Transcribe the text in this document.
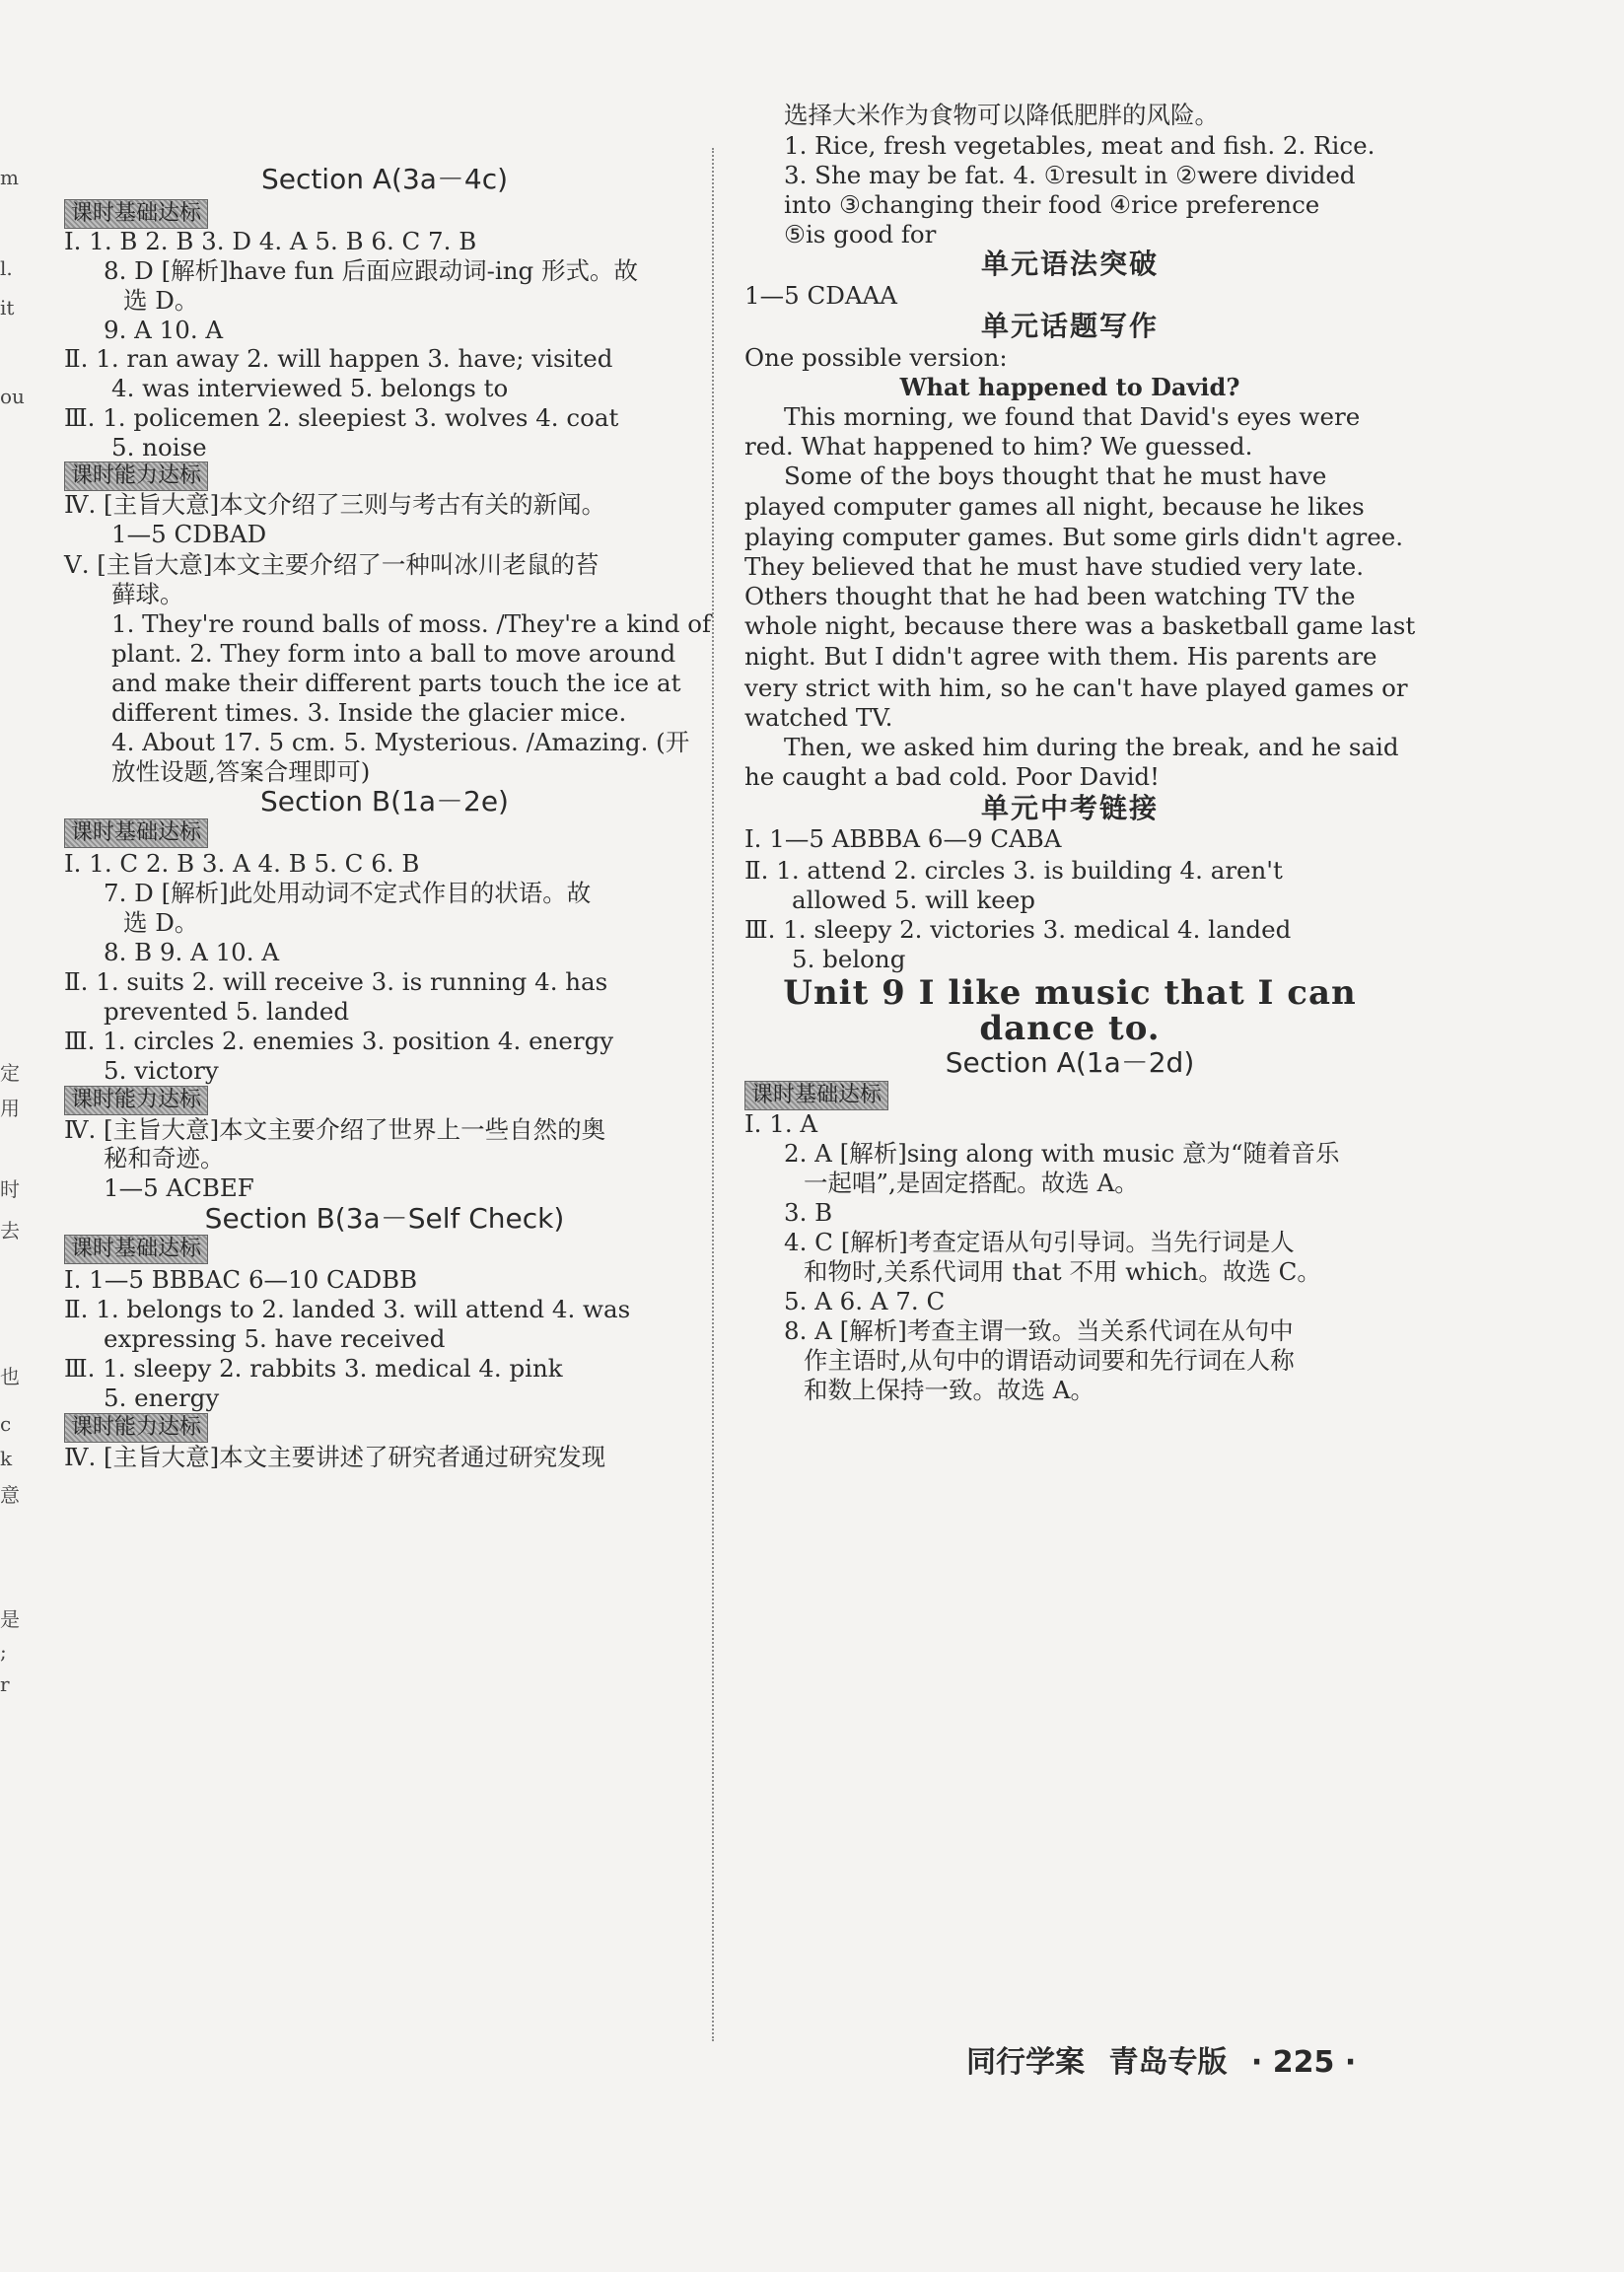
Section A(3a－4c)
课时基础达标
Ⅰ. 1. B 2. B 3. D 4. A 5. B 6. C 7. B
8. D [解析]have fun 后面应跟动词-ing 形式。故
选 D。
9. A 10. A
Ⅱ. 1. ran away 2. will happen 3. have; visited
4. was interviewed 5. belongs to
Ⅲ. 1. policemen 2. sleepiest 3. wolves 4. coat
5. noise
课时能力达标
Ⅳ. [主旨大意]本文介绍了三则与考古有关的新闻。
1—5 CDBAD
Ⅴ. [主旨大意]本文主要介绍了一种叫冰川老鼠的苔
藓球。
1. They're round balls of moss. /They're a kind of
plant. 2. They form into a ball to move around
and make their different parts touch the ice at
different times. 3. Inside the glacier mice.
4. About 17. 5 cm. 5. Mysterious. /Amazing. (开
放性设题,答案合理即可)
Section B(1a－2e)
课时基础达标
Ⅰ. 1. C 2. B 3. A 4. B 5. C 6. B
7. D [解析]此处用动词不定式作目的状语。故
选 D。
8. B 9. A 10. A
Ⅱ. 1. suits 2. will receive 3. is running 4. has
prevented 5. landed
Ⅲ. 1. circles 2. enemies 3. position 4. energy
5. victory
课时能力达标
Ⅳ. [主旨大意]本文主要介绍了世界上一些自然的奥
秘和奇迹。
1—5 ACBEF
Section B(3a－Self Check)
课时基础达标
Ⅰ. 1—5 BBBAC 6—10 CADBB
Ⅱ. 1. belongs to 2. landed 3. will attend 4. was
expressing 5. have received
Ⅲ. 1. sleepy 2. rabbits 3. medical 4. pink
5. energy
课时能力达标
Ⅳ. [主旨大意]本文主要讲述了研究者通过研究发现
选择大米作为食物可以降低肥胖的风险。
1. Rice, fresh vegetables, meat and fish. 2. Rice.
3. She may be fat. 4. ①result in ②were divided
into ③changing their food ④rice preference
⑤is good for
单元语法突破
1—5 CDAAA
单元话题写作
One possible version:
What happened to David?
This morning, we found that David's eyes were
red. What happened to him? We guessed.
Some of the boys thought that he must have
played computer games all night, because he likes
playing computer games. But some girls didn't agree.
They believed that he must have studied very late.
Others thought that he had been watching TV the
whole night, because there was a basketball game last
night. But I didn't agree with them. His parents are
very strict with him, so he can't have played games or
watched TV.
Then, we asked him during the break, and he said
he caught a bad cold. Poor David!
单元中考链接
Ⅰ. 1—5 ABBBA 6—9 CABA
Ⅱ. 1. attend 2. circles 3. is building 4. aren't
allowed 5. will keep
Ⅲ. 1. sleepy 2. victories 3. medical 4. landed
5. belong
Unit 9 I like music that I can
dance to.
Section A(1a－2d)
课时基础达标
Ⅰ. 1. A
2. A [解析]sing along with music 意为“随着音乐
一起唱”,是固定搭配。故选 A。
3. B
4. C [解析]考查定语从句引导词。当先行词是人
和物时,关系代词用 that 不用 which。故选 C。
5. A 6. A 7. C
8. A [解析]考查主谓一致。当关系代词在从句中
作主语时,从句中的谓语动词要和先行词在人称
和数上保持一致。故选 A。
m
l.
it
ou
定
用
时
去
也
c
k
意
是
;
r
同行学案 青岛专版 · 225 ·
